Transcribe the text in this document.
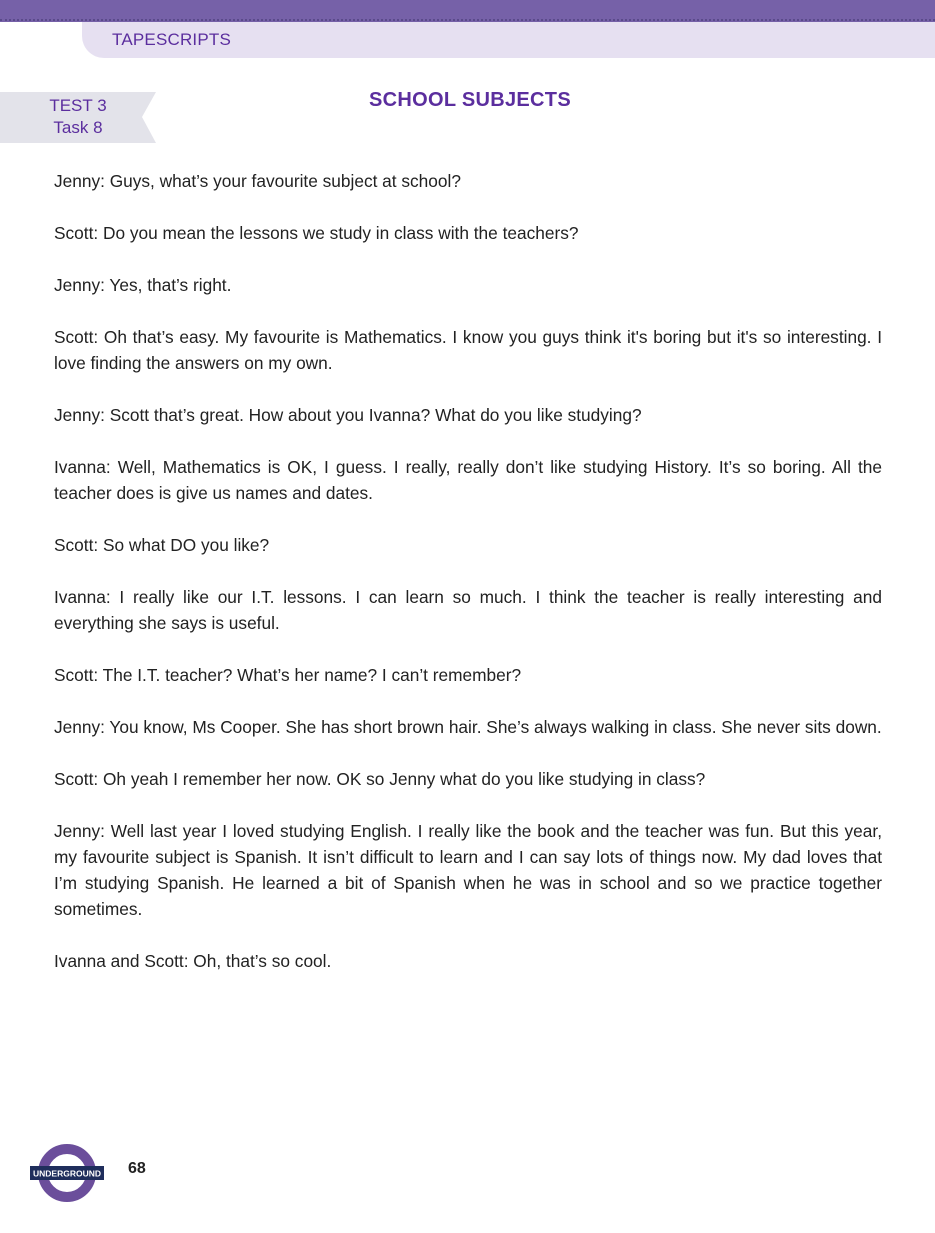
TAPESCRIPTS
TEST 3
Task 8
SCHOOL SUBJECTS

Jenny: Guys, what’s your favourite subject at school?

Scott: Do you mean the lessons we study in class with the teachers?

Jenny: Yes, that’s right.

Scott: Oh that’s easy. My favourite is Mathematics. I know you guys think it's boring but it's so interesting. I love finding the answers on my own.

Jenny: Scott that’s great. How about you Ivanna? What do you like studying?

Ivanna: Well, Mathematics is OK, I guess. I really, really don’t like studying History. It’s so boring. All the teacher does is give us names and dates.

Scott: So what DO you like?

Ivanna: I really like our I.T. lessons. I can learn so much. I think the teacher is really interesting and everything she says is useful.

Scott: The I.T. teacher? What’s her name? I can’t remember?

Jenny: You know, Ms Cooper. She has short brown hair. She’s always walking in class. She never sits down.

Scott: Oh yeah I remember her now. OK so Jenny what do you like studying in class?

Jenny: Well last year I loved studying English. I really like the book and the teacher was fun. But this year, my favourite subject is Spanish. It isn’t difficult to learn and I can say lots of things now. My dad loves that I’m studying Spanish. He learned a bit of Spanish when he was in school and so we practice together sometimes.

Ivanna and Scott: Oh, that’s so cool.

UNDERGROUND 68
